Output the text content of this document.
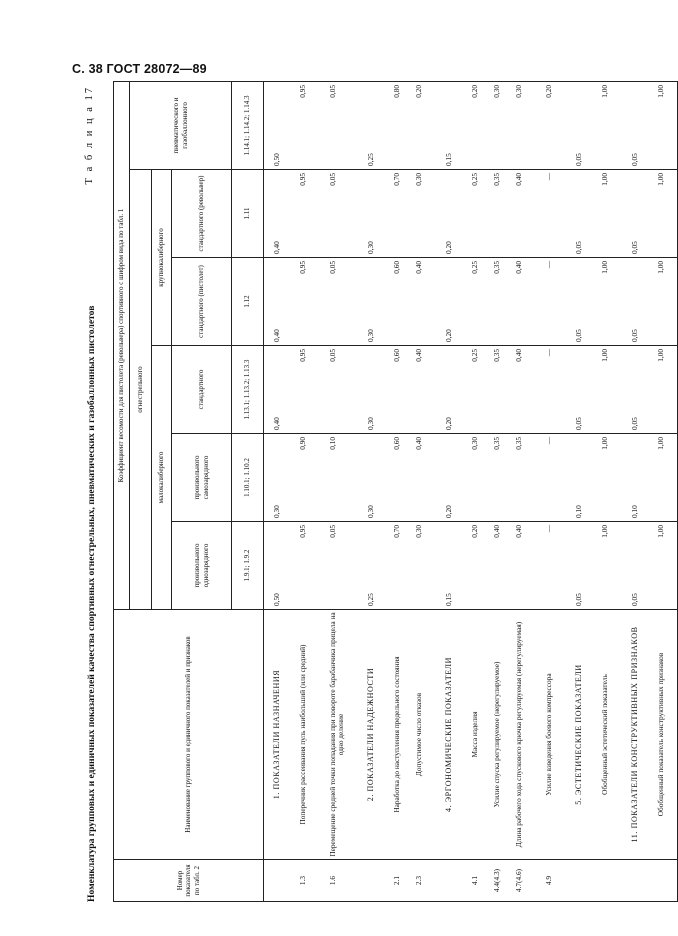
С. 38 ГОСТ 28072—89
Т а б л и ц а 17
Номенклатура групповых и единичных показателей качества спортивных огнестрельных, пневматических и газобаллонных пистолетов	Номер показателя по табл. 2	Наименование группового и единичного показателей и признаков	Коэффициент весомости для пистолета (револьвера) спортивного с шифром вида по табл. 1					
		огнестрельного					пневматического и газобаллонного
		малокалиберного			крупнокалиберного		
		произвольного однозарядного	произвольного самозарядного	стандартного	стандартного (пистолет)	стандартного (револьвер)	
		1.9.1; 1.9.2	1.10.1; 1.10.2	1.13.1; 1.13.2; 1.13.3	1.12	1.11	1.14.1; 1.14.2; 1.14.3
	1. ПОКАЗАТЕЛИ НАЗНАЧЕНИЯ	0,50	0,30	0,40	0,40	0,40	0,50

1.3	Поперечник рассеивания пуль наибольший (или средний)	0,95	0,90	0,95	0,95	0,95	0,95

1.6	Перемещение средней точки попадания при повороте барабанчика прицела на одно деление	0,05	0,10	0,05	0,05	0,05	0,05

	2. ПОКАЗАТЕЛИ НАДЕЖНОСТИ	0,25	0,30	0,30	0,30	0,30	0,25

2.1	Наработка до наступления предельного состояния	0,70	0,60	0,60	0,60	0,70	0,80

2.3	Допустимое число отказов	0,30	0,40	0,40	0,40	0,30	0,20

	4. ЭРГОНОМИЧЕСКИЕ ПОКАЗАТЕЛИ	0,15	0,20	0,20	0,20	0,20	0,15

4.1	Масса изделия	0,20	0,30	0,25	0,25	0,25	0,20

4.4(4.3)	Усилие спуска регулируемое (нерегулируемое)	0,40	0,35	0,35	0,35	0,35	0,30

4.7(4.6)	Длина рабочего хода спускового крючка регулируемая (нерегулируемая)	0,40	0,35	0,40	0,40	0,40	0,30

4.9	Усилие взведения боевого компрессора	—	—	—	—	—	0,20

	5. ЭСТЕТИЧЕСКИЕ ПОКАЗАТЕЛИ	0,05	0,10	0,05	0,05	0,05	0,05

	Обобщенный эстетический показатель	1,00	1,00	1,00	1,00	1,00	1,00

	11. ПОКАЗАТЕЛИ КОНСТРУКТИВНЫХ ПРИЗНАКОВ	0,05	0,10	0,05	0,05	0,05	0,05

	Обобщенный показатель конструктивных признаков	1,00	1,00	1,00	1,00	1,00	1,00
